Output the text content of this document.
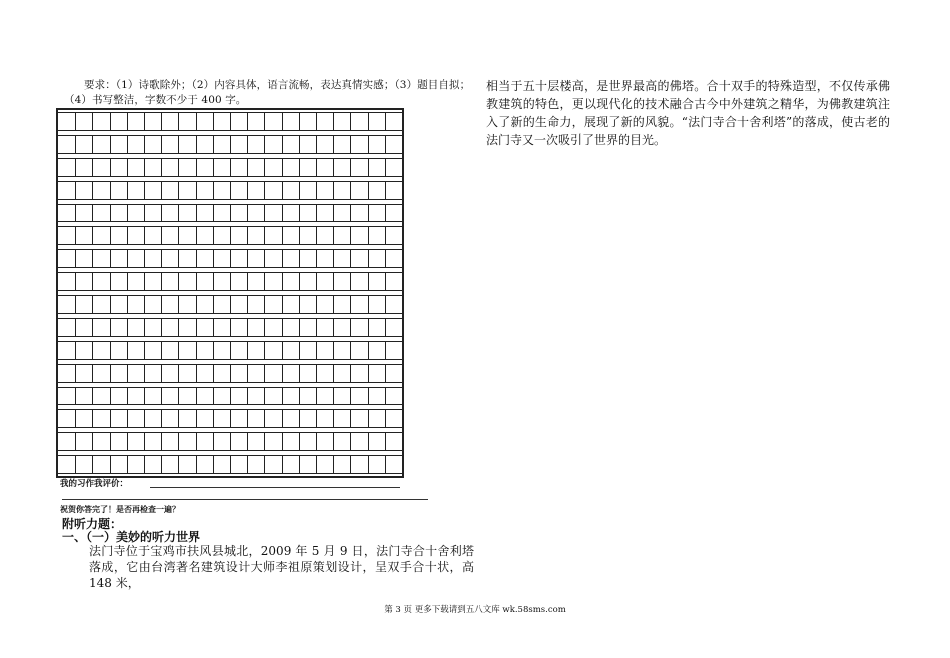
要求：（1）诗歌除外；（2）内容具体，语言流畅，表达真情实感；（3）题目自拟；
（4）书写整洁，字数不少于 400 字。
我的习作我评价：
祝贺你答完了！是否再检查一遍？
附听力题：
一、（一）美妙的听力世界
法门寺位于宝鸡市扶风县城北，2009 年 5 月 9 日，法门寺合十舍利塔落成，它由台湾著名建筑设计大师李祖原策划设计，呈双手合十状，高 148 米，
相当于五十层楼高，是世界最高的佛塔。合十双手的特殊造型，不仅传承佛教建筑的特色，更以现代化的技术融合古今中外建筑之精华，为佛教建筑注入了新的生命力，展现了新的风貌。“法门寺合十舍利塔”的落成，使古老的法门寺又一次吸引了世界的目光。
第 3 页 更多下载请到五八文库 wk.58sms.com
